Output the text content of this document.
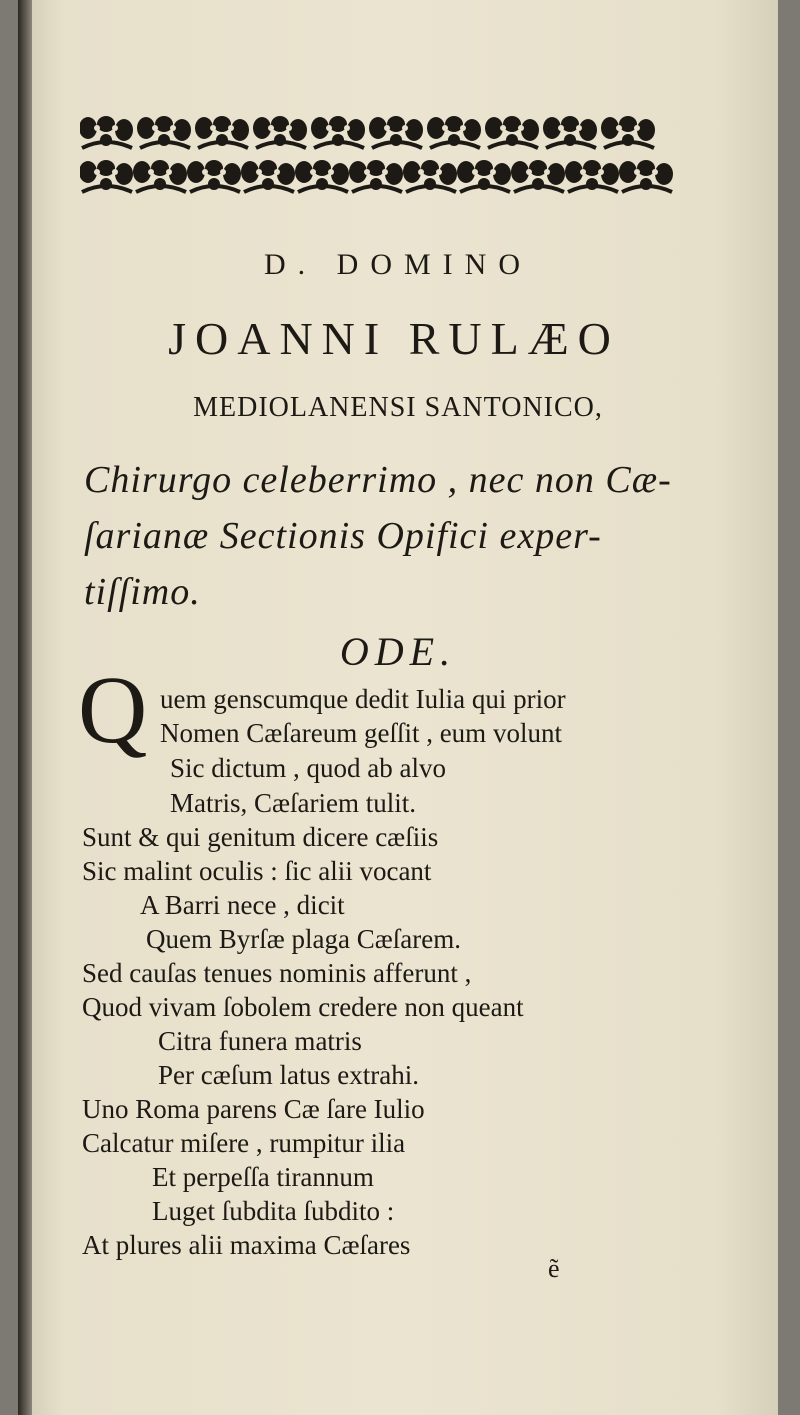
D. DOMINO
JOANNI RULÆO
MEDIOLANENSI SANTONICO,
Chirurgo celeberrimo , nec non Cæ- ſarianæ Sectionis Opifici exper- tiſſimo.
ODE.
Q uem genscumque dedit Iulia qui prior
Nomen Cæſareum geſſit , eum volunt
Sic dictum , quod ab alvo
Matris, Cæſariem tulit.
Sunt & qui genitum dicere cæſiis
Sic malint oculis : ſic alii vocant
A Barri nece , dicit
Quem Byrſæ plaga Cæſarem.
Sed cauſas tenues nominis afferunt ,
Quod vivam ſobolem credere non queant
Citra funera matris
Per cæſum latus extrahi.
Uno Roma parens Cæ ſare Iulio
Calcatur miſere , rumpitur ilia
Et perpeſſa tirannum
Luget ſubdita ſubdito :
At plures alii maxima Cæſares
ẽ
